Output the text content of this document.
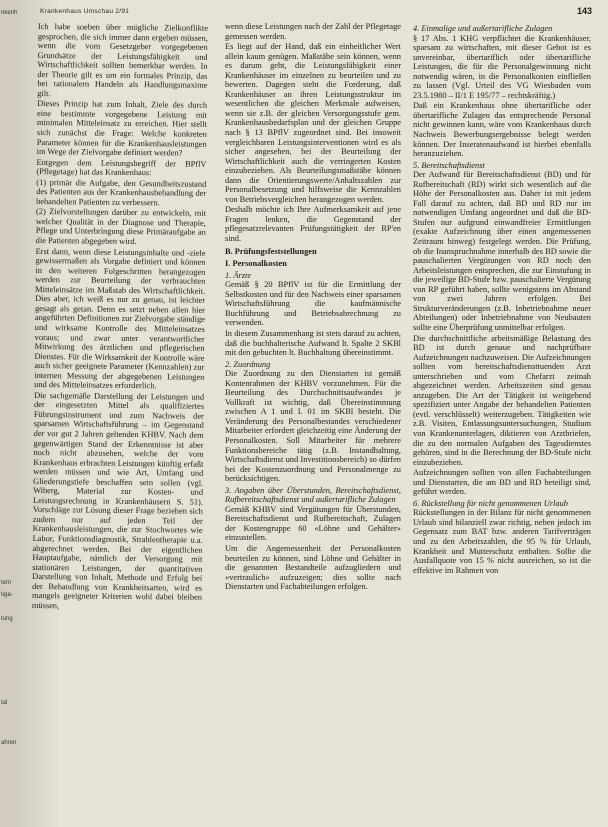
nkenh
tern
tiga-
tung
tal
ahren
Krankenhaus Umschau 2/91	143

Ich habe soeben über mögliche Zielkonflikte gesprochen, die sich immer dann ergeben müssen, wenn die vom Gesetzgeber vorgegebenen Grundsätze der Leistungsfähigkeit und Wirtschaftlichkeit sollten bemerkbar werden. In der Theorie gilt es um ein formales Prinzip, das bei rationalem Handeln als Handlungsmaxime gilt.

Dieses Prinzip hat zum Inhalt, Ziele des durch eine bestimmte vorgegebene Leistung mit minimalen Mitteleinsatz zu erreichen. Hier stellt sich zunächst die Frage: Welche konkreten Parameter können für die Krankenhausleistungen im Wege der Zielvorgabe definiert werden?

Entgegen dem Leistungsbegriff der BPflV (Pflegetage) hat das Krankenhaus:

(1) primär die Aufgabe, den Gesundheitszustand des Patienten aus der Krankenhausbehandlung der behandelten Patienten zu verbessern.

(2) Zielvorstellungen darüber zu entwickeln, mit welcher Qualität in der Diagnose und Therapie, Pflege und Unterbringung diese Primäraufgabe an die Patienten abgegeben wird.

Erst dann, wenn diese Leistungsinhalte und -ziele gewissermaßen als Vorgabe definiert und können in den weiteren Folgeschritten herangezogen werden zur Beurteilung der verbrauchten Mitteleinsätze im Maßstab des Wirtschaftlichkeit. Dies aber, ich weiß es nur zu genau, ist leichter gesagt als getan. Denn es setzt neben allen hier angeführten Definitionen zur Zielvorgabe ständige und wirksame Kontrolle des Mitteleinsatzes voraus; und zwar unter verantwortlicher Mitwirkung des ärztlichen und pflegerischen Dienstes. Für die Wirksamkeit der Kontrolle wäre auch sicher geeignete Parameter (Kennzahlen) zur internen Messung der abgegebenen Leistungen und des Mitteleinsatzes erforderlich.

Die sachgemäße Darstellung der Leistungen und der eingesetzten Mittel als qualifiziertes Führungsinstrument und zum Nachweis der sparsamen Wirtschaftsführung – im Gegenstand der vor gut 2 Jahren geltenden KHBV. Nach dem gegenwärtigen Stand der Erkenntnisse ist aber noch nicht abzusehen, welche der vom Krankenhaus erbrachten Leistungen künftig erfaßt werden müssen und wie Art, Umfang und Gliederungstiefe beschaffen sein sollen (vgl. Wiberg, Material zur Kosten- und Leistungsrechnung in Krankenhäusern S. 51). Vorschläge zur Lösung dieser Frage beziehen sich zudem nur auf jeden Teil der Krankenhausleistungen, die zur Stochwortes wie Labor, Funktionsdiagnostik, Strahlentherapie u.a. abgerechnet werden. Bei der eigentlichen Hauptaufgabe, nämlich der Versorgung mit stationären Leistungen, der quantitativen Darstellung von Inhalt, Methode und Erfolg bei der Behandlung von Krankheitsarten, wird es mangels geeigneter Kriterien wohl dabei bleiben müssen,

wenn diese Leistungen nach der Zahl der Pflegetage gemessen werden.

Es liegt auf der Hand, daß ein einheitlicher Wert allein kaum genügen. Maßstäbe sein können, wenn es darum geht, die Leistungsfähigkeit einer Krankenhäuser im einzelnen zu beurteilen und zu bewerten. Dagegen steht die Forderung, daß Krankenhäuser an ihren Leistungsstruktur im wesentlichen die gleichen Merkmale aufweisen, wenn sie z.B. der gleichen Versorgungsstufe gem. Krankenhausbedarfsplan und der gleichen Gruppe nach § 13 BPflV zugeordnet sind. Bei insoweit vergleichbaren Leistungsinterventionen wird es als sicher angesehen, bei der Beurteilung der Wirtschaftlichkeit auch die verringerten Kosten einzubeziehen. Als Beurteilungsmaßstäbe können dann die Orientierungswerte/Anhaltszahlen zur Personalbesetzung und hilfsweise die Kennzahlen von Betriebsvergleichen herangezogen werden.

Deshalb möchte ich Ihre Aufmerksamkeit auf jene Fragen lenken, die Gegenstand der pflegesatzrelevanten Prüfungstätigkeit der RP'en sind.

B. Prüfungsfeststellungen
I. Personalkosten
1. Ärzte

Gemäß § 20 BPflV ist für die Ermittlung der Selbstkosten und für den Nachweis einer sparsamen Wirtschaftsführung die kaufmännische Buchführung und Betriebsabrechnung zu verwenden.

In diesem Zusammenhang ist stets darauf zu achten, daß die buchhalterische Aufwand lt. Spalte 2 SKBl mit den gebuchten lt. Buchhaltung übereinstimmt.

2. Zuordnung

Die Zuordnung zu den Dienstarten ist gemäß Kontenrahmen der KHBV vorzunehmen. Für die Beurteilung des Durchschnittsaufwandes je Vollkraft ist wichtig, daß Übereinstimmung zwischen A 1 und I. 01 im SKBl besteht. Die Veränderung des Personalbestandes verschiedener Mitarbeiter erfordert gleichzeitig eine Änderung der Personalkosten. Soll Mitarbeiter für mehrere Funktionsbereiche tätig (z.B. Instandhaltung, Wirtschaftsdienst und Investitionsbereich) so dürfen bei der Kostenzuordnung und Personalmenge zu berücksichtigen.

3. Angaben über Überstunden, Bereitschaftsdienst, Rufbereitschaftsdienst und außertarifliche Zulagen

Gemäß KHBV sind Vergütungen für Überstunden, Bereitschaftsdienst und Rufbereitschaft, Zulagen der Kostengruppe 60 «Löhne und Gehälter» einzustellen.

Um die Angemessenheit der Personalkosten beurteilen zu können, sind Löhne und Gehälter in die genannten Bestandteile aufzugliedern und «vertraulich» aufzuzeigen; dies sollte nach Dienstarten und Fachabteilungen erfolgen.

4. Einmalige und außertarifliche Zulagen

§ 17 Abs. 1 KHG verpflichtet die Krankenhäuser, sparsam zu wirtschaften, mit dieser Gebot ist es unvereinbar, übertariflich oder übertarifliche Leistungen, die für die Personalgewinnung nicht notwendig wären, in die Personalkosten einfließen zu lassen (Vgl. Urteil des VG Wiesbaden vom 23.5.1980 – II/1 E 195/77 – rechtskräftig.)

Daß ein Krankenhaus ohne übertarifliche oder übertarifliche Zulagen das entsprechende Personal nicht gewinnen kann, wäre vom Krankenhaus durch Nachweis Bewerbungsergebnisse belegt werden können. Der Inseratenaufwand ist hierbei ebenfalls heranzuziehen.

5. Bereitschaftsdienst

Der Aufwand für Bereitschaftsdienst (BD) und für Rufbereitschaft (RD) wirkt sich wesentlich auf die Höhe der Personalkosten aus. Daher ist mit jedem Fall darauf zu achten, daß BD und RD nur im notwendigen Umfang angeordnet und daß die BD-Stufen nur aufgrund einwandfreier Ermittlungen (exakte Aufzeichnung über einen angemessenen Zeitraum hinweg) festgelegt werden. Die Prüfung, ob die Inanspruchnahme innerhalb des BD sowie die pauschalierten Vergütungen von RD noch den Arbeitsleistungen entsprechen, die zur Einstufung in die jeweilige BD-Stufe bzw. pauschalierte Vergütung von RP geführt haben, sollte wenigstens im Abstand von zwei Jahren erfolgen. Bei Strukturveränderungen (z.B. Inbetriebnahme neuer Abteilungen) oder Inbetriebnahme von Neubauten sollte eine Überprüfung unmittelbar erfolgen.

Die durchschnittliche arbeitsmäßige Belastung des BD ist durch genaue und nachprüfbare Aufzeichnungen nachzuweisen. Die Aufzeichnungen sollten vom bereitschaftsdiensttuenden Arzt unterschrieben und vom Chefarzt zeitnah abgezeichnet werden. Arbeitszeiten sind genau anzugeben. Die Art der Tätigkeit ist weitgehend spezifiziert unter Angabe der behandelten Patienten (evtl. verschlüsselt) weiterzugeben. Tätigkeiten wie z.B. Visiten, Entlassungsuntersuchungen, Studium von Krankenunterlagen, diktieren von Arztbriefen, die zu den normalen Aufgaben des Tagesdienstes gehören, sind in die Berechnung der BD-Stufe nicht einzubeziehen.

Aufzeichnungen sollten von allen Fachabteilungen und Dienstarten, die am BD und RD beteiligt sind, geführt werden.

6. Rückstellung für nicht genommenen Urlaub

Rückstellungen in der Bilanz für nicht genommenen Urlaub sind bilanziell zwar richtig, neben jedoch im Gegensatz zum BAT bzw. anderen Tarifverträgen und zu den Arbeitszahlen, die 95 % für Urlaub, Krankheit und Mutterschutz enthalten. Sollte die Ausfallquote von 15 % nicht ausreichen, so ist die effektive im Rahmen von
